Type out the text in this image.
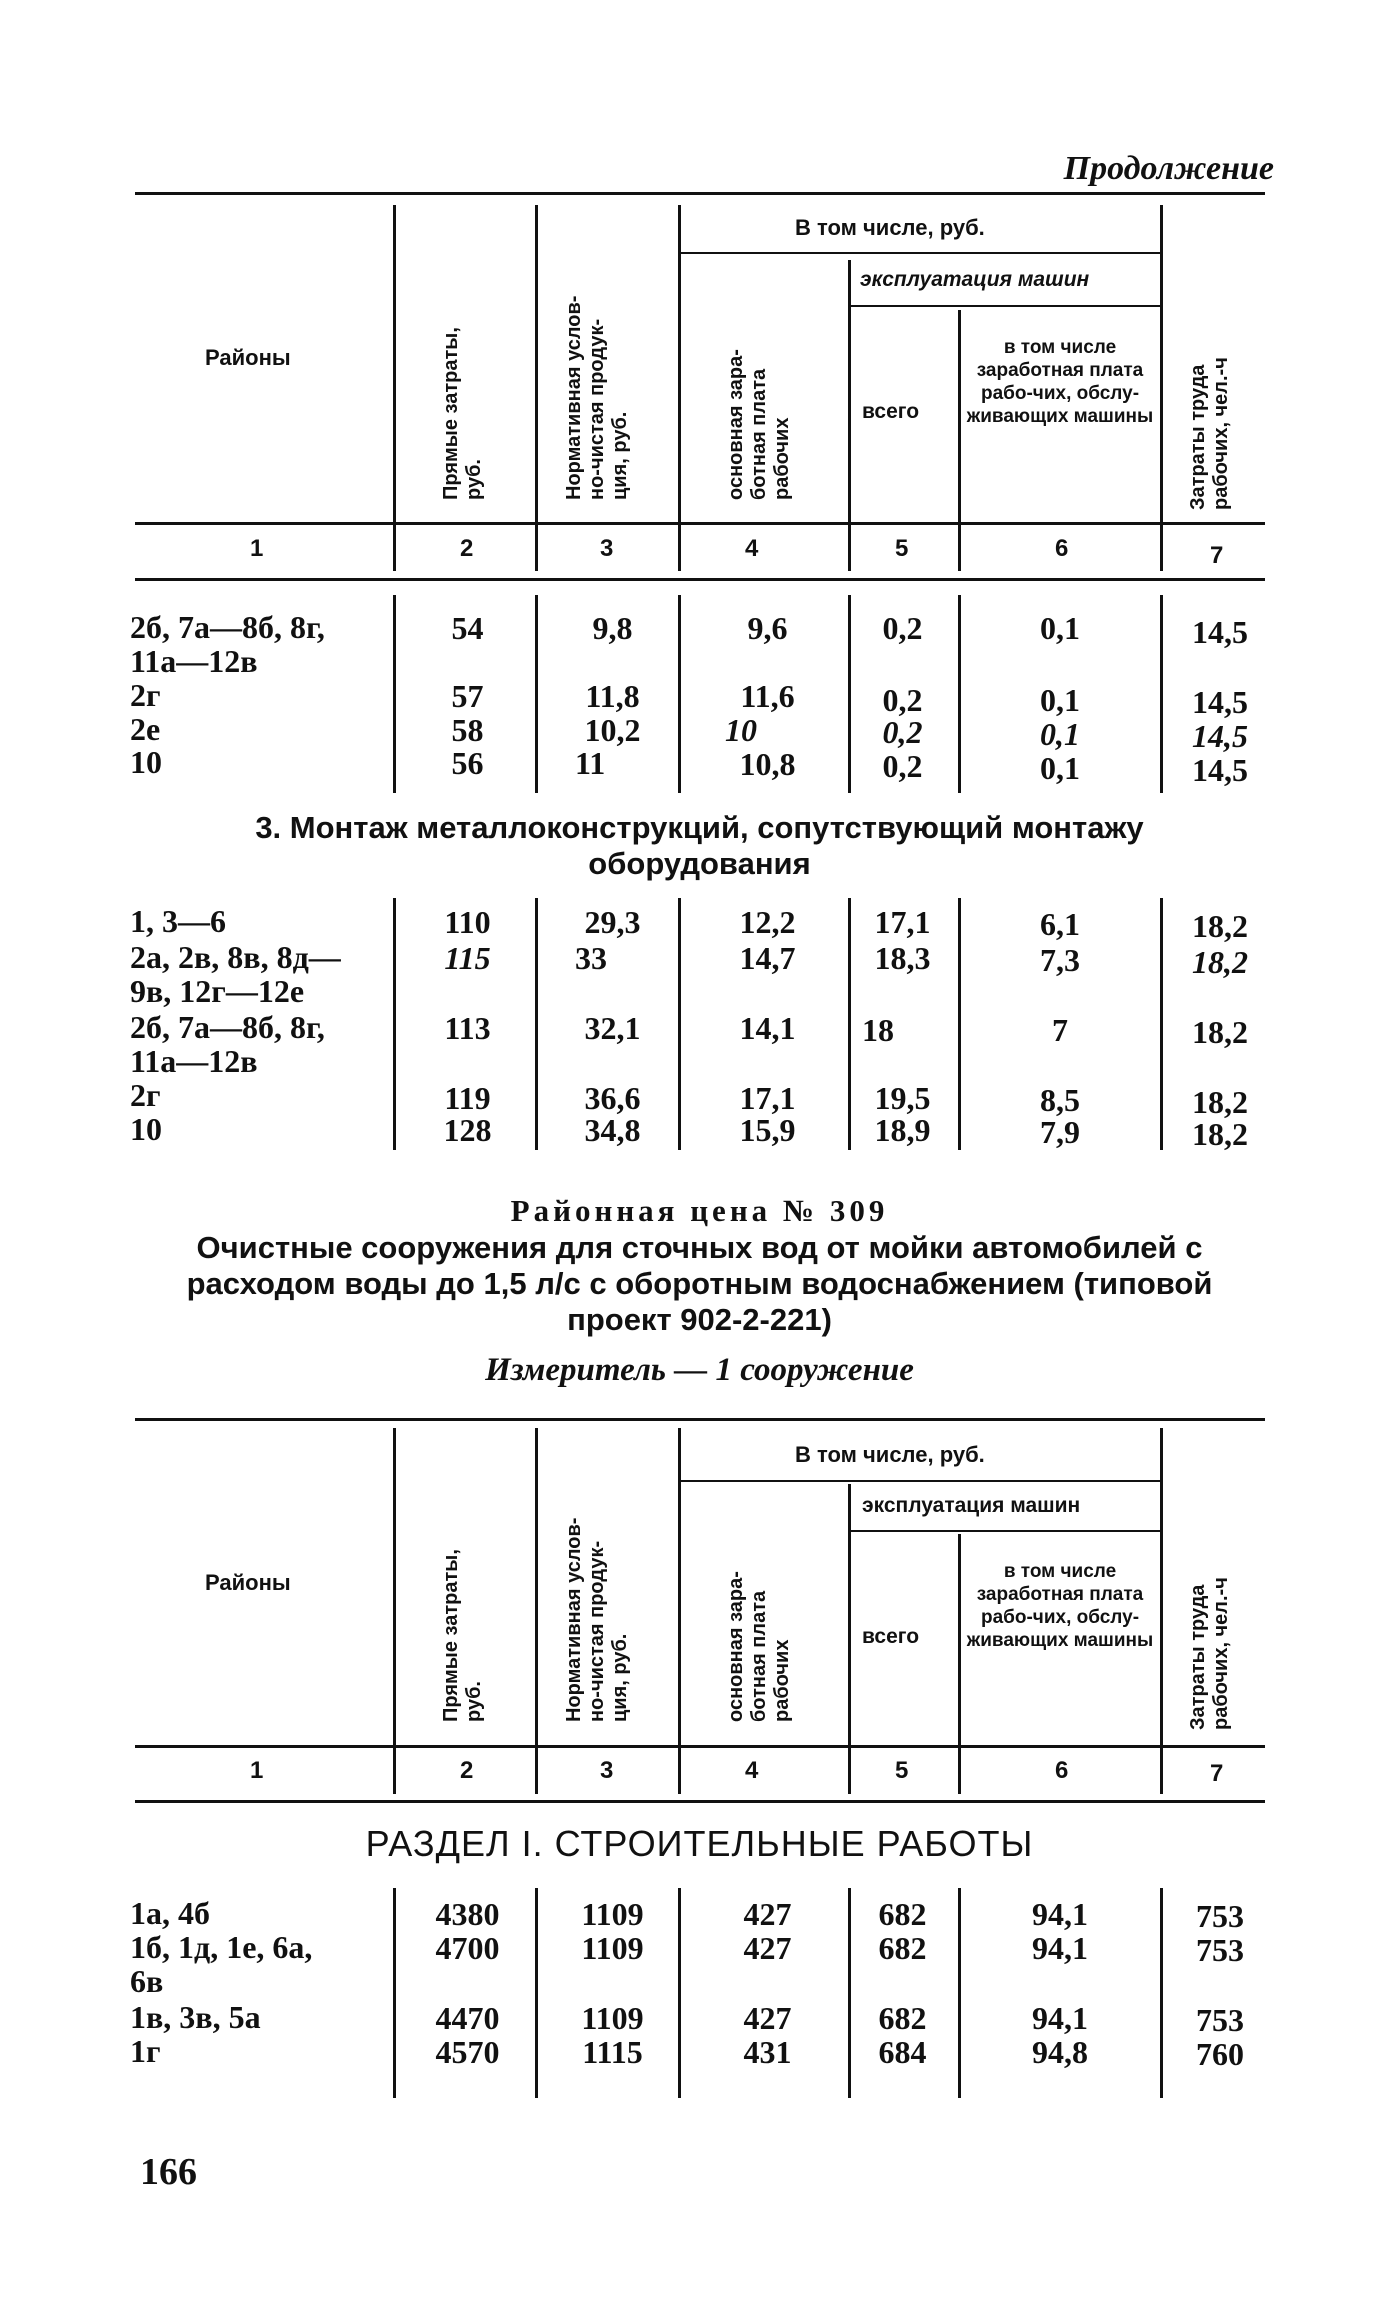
Продолжение
Районы
В том числе, руб.
эксплуатация машин
всего
в том числе заработная плата рабо-чих, обслу-живающих машины
Прямые затраты,
руб.	Нормативная услов-
но-чистая продук-
ция, руб.	основная зара-
ботная плата
рабочих	Затраты труда
рабочих, чел.-ч
1	2	3	4	5	6	7
2б, 7а—8б, 8г,
11а—12в
54	9,8	9,6	0,2	0,1	14,5
2г	57	11,8	11,6	0,2	0,1	14,5
2е	58	10,2	10	0,2	0,1	14,5
10	56	11	10,8	0,2	0,1	14,5
3. Монтаж металлоконструкций, сопутствующий монтажу
оборудования
1, 3—6	110	29,3	12,2	17,1	6,1	18,2
2а, 2в, 8в, 8д—
9в, 12г—12е
115	33	14,7	18,3	7,3	18,2
2б, 7а—8б, 8г,
11а—12в
113	32,1	14,1	18	7	18,2
2г	119	36,6	17,1	19,5	8,5	18,2
10	128	34,8	15,9	18,9	7,9	18,2
Районная цена № 309
Очистные сооружения для сточных вод от мойки автомобилей с
расходом воды до 1,5 л/с с оборотным водоснабжением (типовой
проект 902-2-221)
Измеритель — 1 сооружение
Районы
В том числе, руб.
эксплуатация машин
всего
в том числе заработная плата рабо-чих, обслу-живающих машины
Прямые затраты,
руб.	Нормативная услов-
но-чистая продук-
ция, руб.	основная зара-
ботная плата
рабочих	Затраты труда
рабочих, чел.-ч
1	2	3	4	5	6	7
РАЗДЕЛ I. СТРОИТЕЛЬНЫЕ РАБОТЫ
1а, 4б	4380	1109	427	682	94,1	753
1б, 1д, 1е, 6а,
6в
4700	1109	427	682	94,1	753
1в, 3в, 5а	4470	1109	427	682	94,1	753
1г	4570	1115	431	684	94,8	760
166
